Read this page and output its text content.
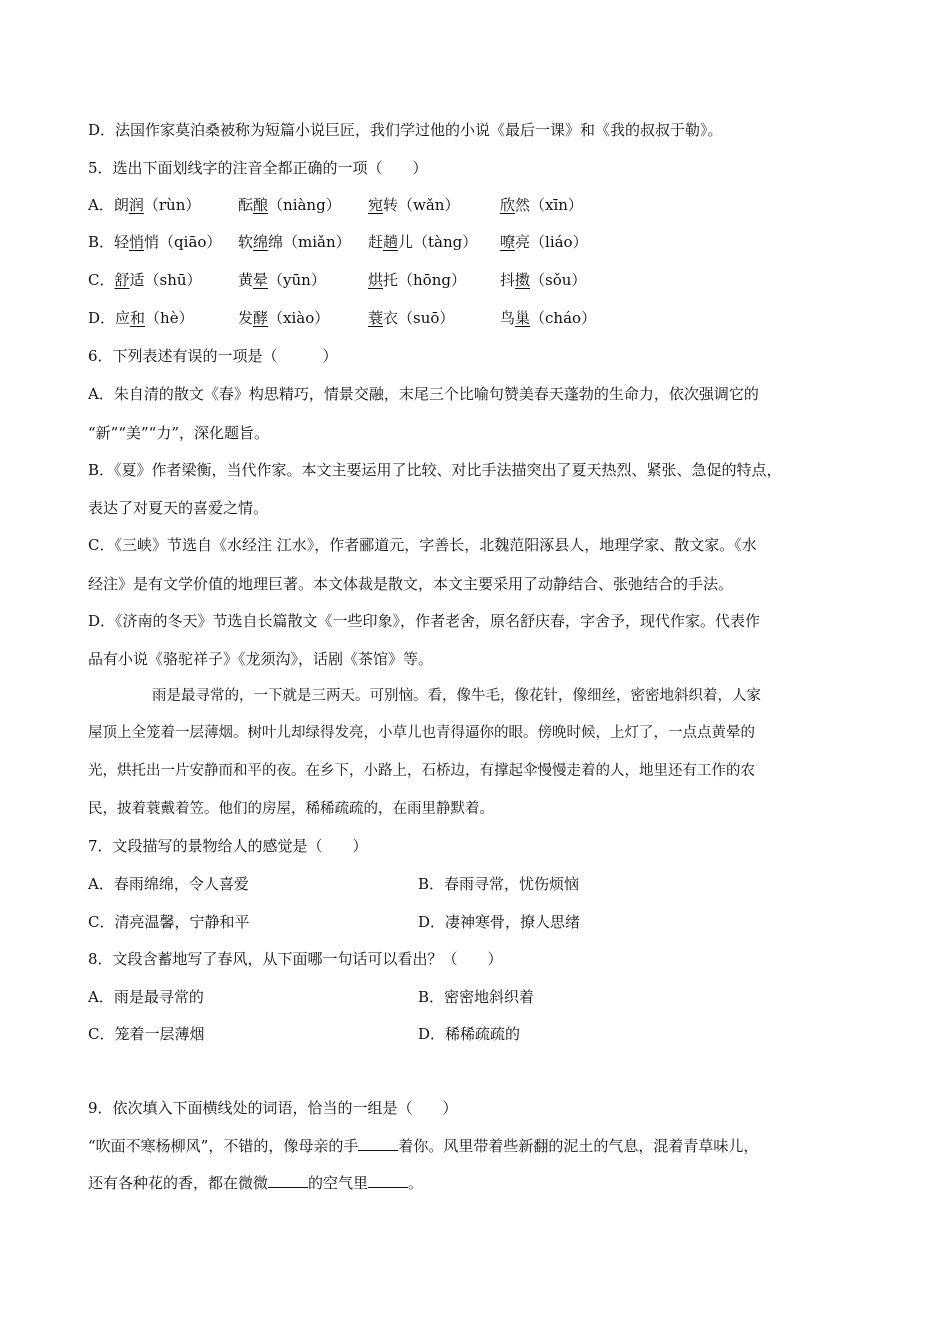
D．法国作家莫泊桑被称为短篇小说巨匠，我们学过他的小说《最后一课》和《我的叔叔于勒》。
5．选出下面划线字的注音全都正确的一项（　　）
A．朗润（rùn）	酝酿（niàng） 宛转（wǎn）	欣然（xīn）
B．轻悄悄（qiāo） 软绵绵（miǎn） 赶趟儿（tàng） 嘹亮（liáo）
C．舒适（shū） 黄晕（yūn）	烘托（hōng） 抖擞（sǒu）
D．应和（hè）	发酵（xiào）	蓑衣（suō）	鸟巢（cháo）
6．下列表述有误的一项是（　　　）
A．朱自清的散文《春》构思精巧，情景交融，末尾三个比喻句赞美春天蓬勃的生命力，依次强调它的
“新”“美”“力”，深化题旨。
B．《夏》作者梁衡，当代作家。本文主要运用了比较、对比手法描突出了夏天热烈、紧张、急促的特点，
表达了对夏天的喜爱之情。
C．《三峡》节选自《水经注 江水》，作者郦道元，字善长，北魏范阳涿县人，地理学家、散文家。《水
经注》是有文学价值的地理巨著。本文体裁是散文，本文主要采用了动静结合、张弛结合的手法。
D．《济南的冬天》节选自长篇散文《一些印象》，作者老舍，原名舒庆春，字舍予，现代作家。代表作
品有小说《骆驼祥子》《龙须沟》，话剧《茶馆》等。
雨是最寻常的，一下就是三两天。可别恼。看，像牛毛，像花针，像细丝，密密地斜织着，人家
屋顶上全笼着一层薄烟。树叶儿却绿得发亮，小草儿也青得逼你的眼。傍晚时候，上灯了，一点点黄晕的
光，烘托出一片安静而和平的夜。在乡下，小路上，石桥边，有撑起伞慢慢走着的人，地里还有工作的农
民，披着蓑戴着笠。他们的房屋，稀稀疏疏的，在雨里静默着。
7．文段描写的景物给人的感觉是（　　）
A．春雨绵绵，令人喜爱	B．春雨寻常，忧伤烦恼
C．清亮温馨，宁静和平	D．凄神寒骨，撩人思绪
8．文段含蓄地写了春风，从下面哪一句话可以看出？（　　）
A．雨是最寻常的	B．密密地斜织着
C．笼着一层薄烟	D．稀稀疏疏的
9．依次填入下面横线处的词语，恰当的一组是（　　）
“吹面不寒杨柳风”，不错的，像母亲的手	着你。风里带着些新翻的泥土的气息，混着青草味儿，
还有各种花的香，都在微微	的空气里	。
